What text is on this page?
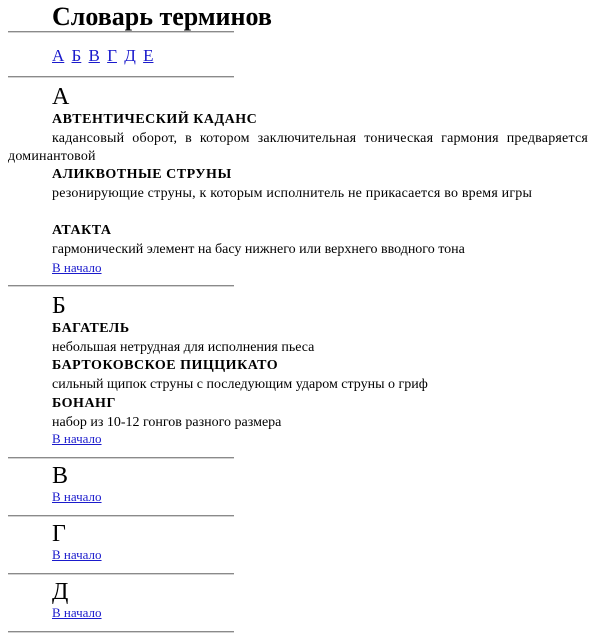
Словарь терминов
А Б В Г Д Е
А
АВТЕНТИЧЕСКИЙ КАДАНС
кадансовый оборот, в котором заключительная тоническая гармония предваряется доминантовой
АЛИКВОТНЫЕ СТРУНЫ
резонирующие струны, к которым исполнитель не прикасается во время игры
АТАКТА
гармонический элемент на басу нижнего или верхнего вводного тона
В начало
Б
БАГАТЕЛЬ
небольшая нетрудная для исполнения пьеса
БАРТОКОВСКОЕ ПИЦЦИКАТО
сильный щипок струны с последующим ударом струны о гриф
БОНАНГ
набор из 10-12 гонгов разного размера
В начало
В
В начало
Г
В начало
Д
В начало
